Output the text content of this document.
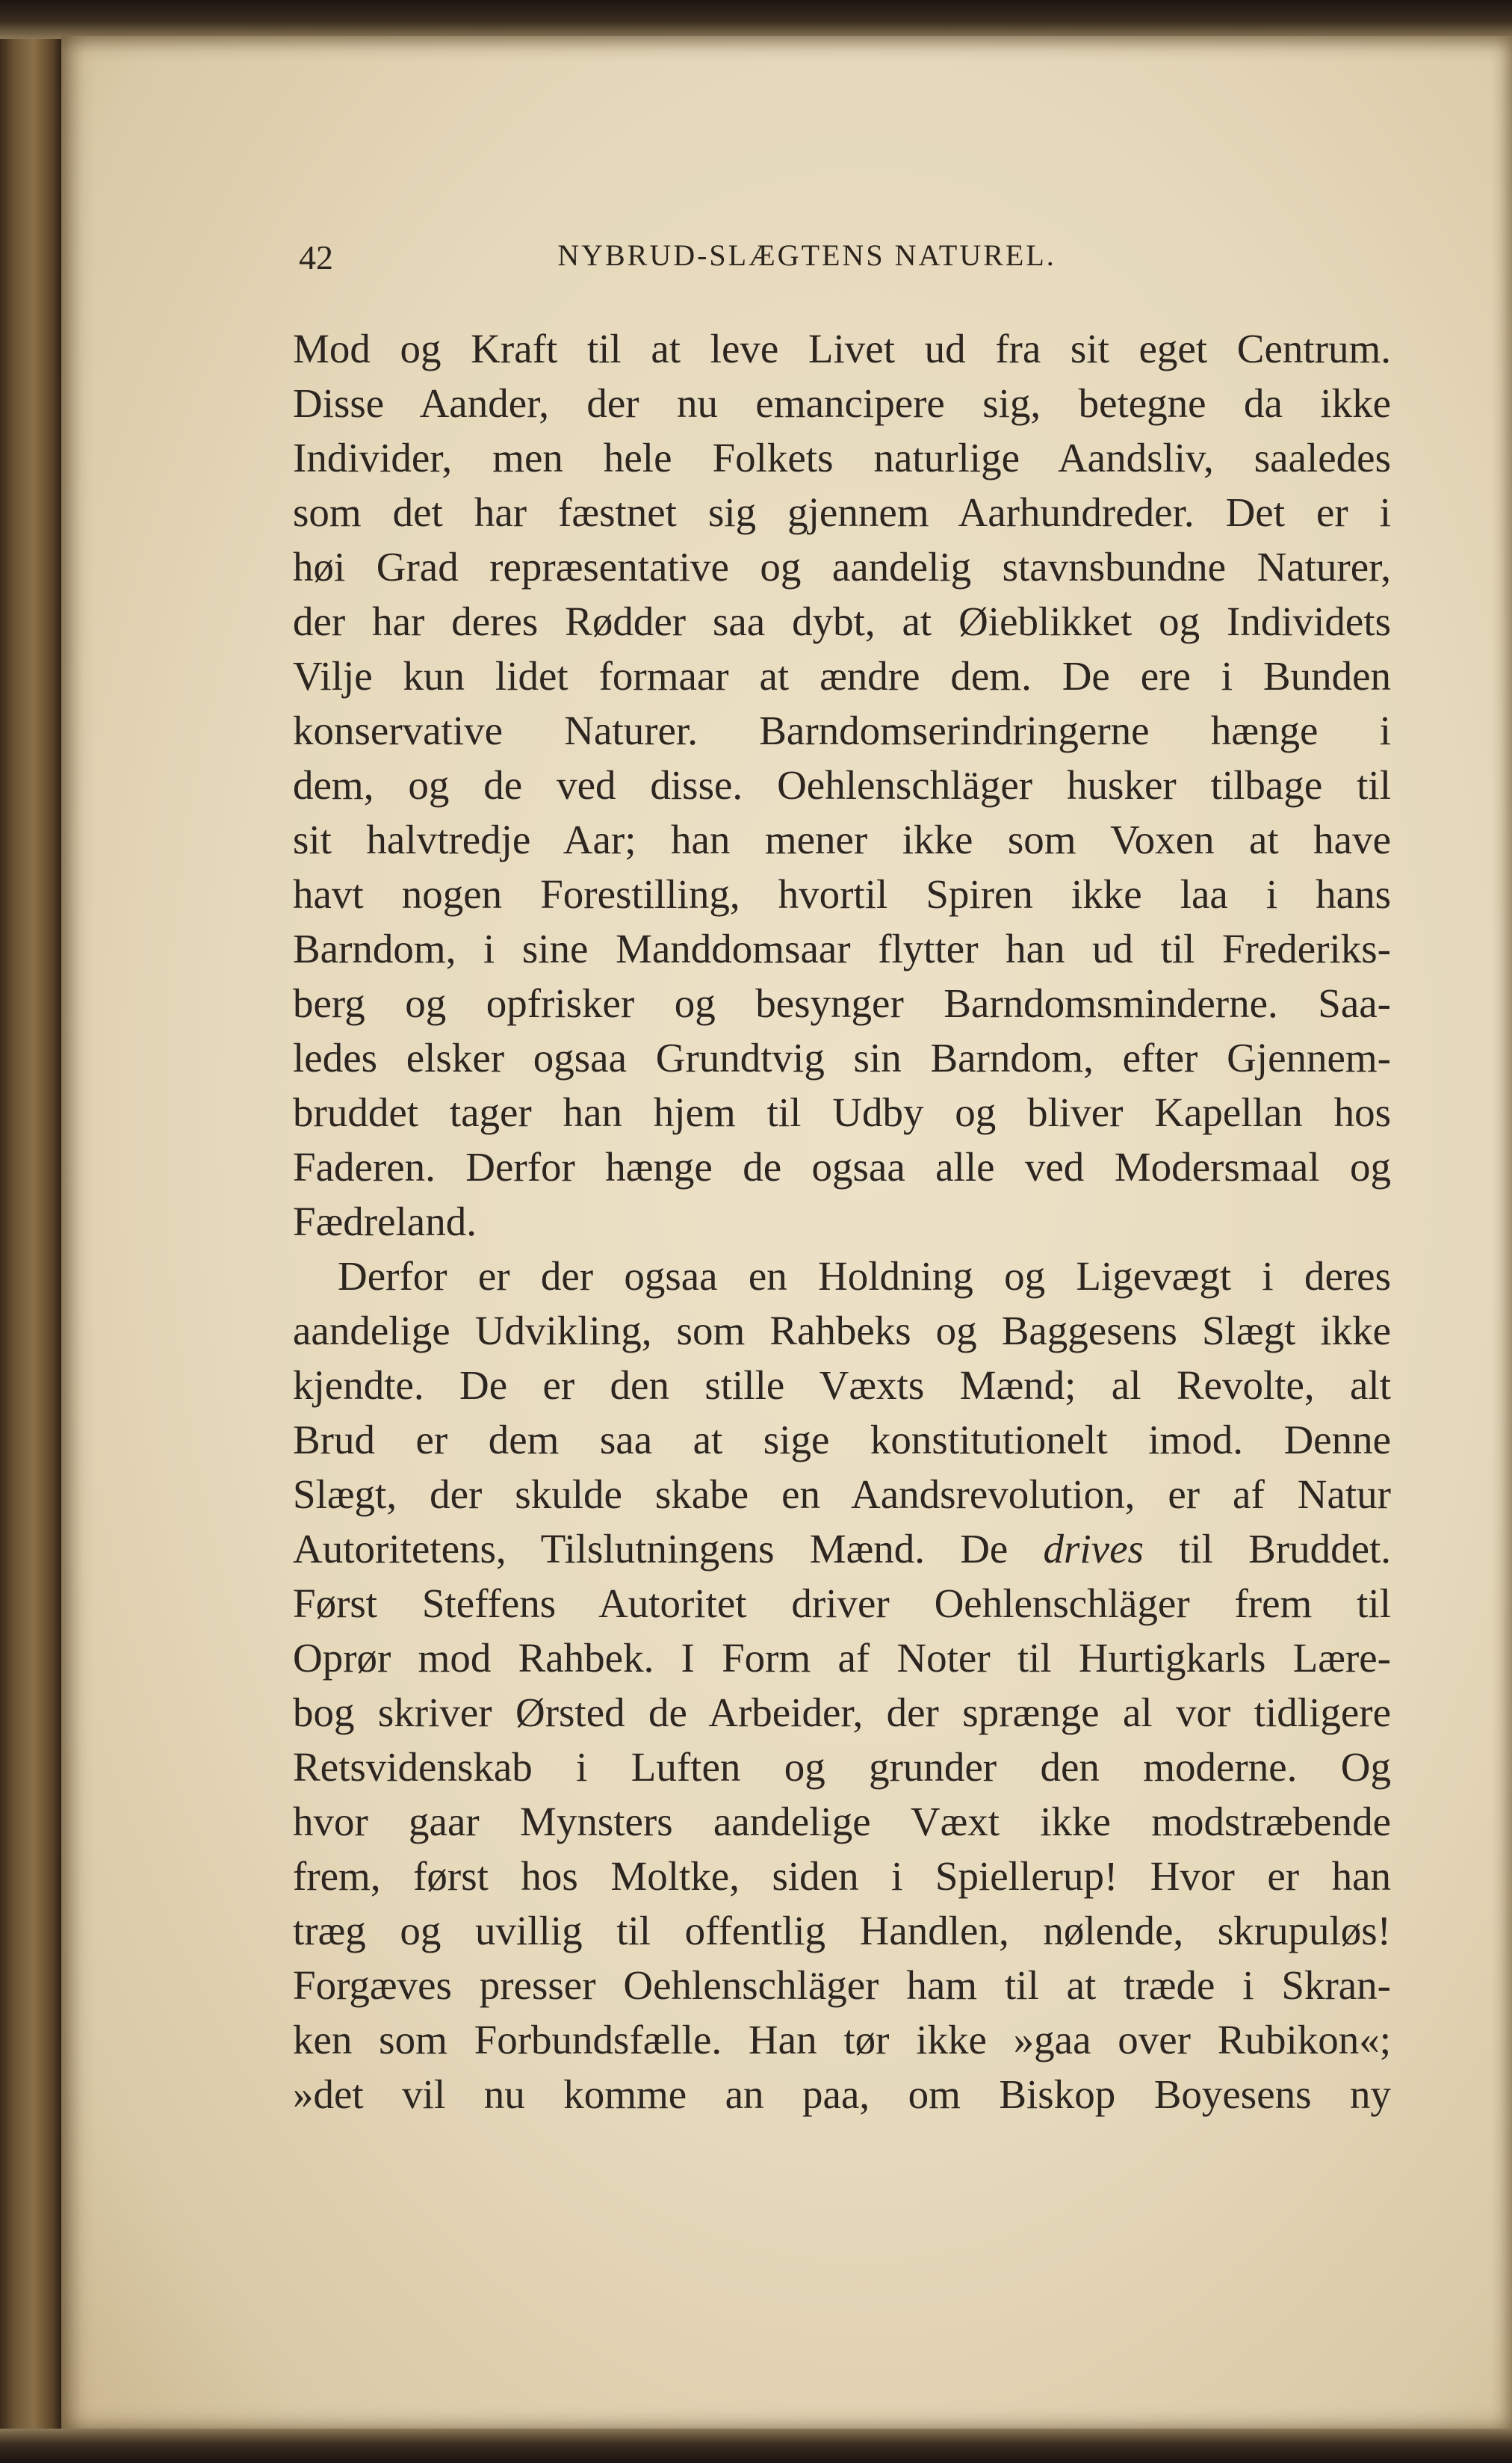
42	NYBRUD-SLÆGTENS NATUREL.
Mod og Kraft til at leve Livet ud fra sit eget Centrum.
Disse Aander, der nu emancipere sig, betegne da ikke
Individer, men hele Folkets naturlige Aandsliv, saaledes
som det har fæstnet sig gjennem Aarhundreder. Det er i
høi Grad repræsentative og aandelig stavnsbundne Naturer,
der har deres Rødder saa dybt, at Øieblikket og Individets
Vilje kun lidet formaar at ændre dem. De ere i Bunden
konservative Naturer. Barndomserindringerne hænge i
dem, og de ved disse. Oehlenschläger husker tilbage til
sit halvtredje Aar; han mener ikke som Voxen at have
havt nogen Forestilling, hvortil Spiren ikke laa i hans
Barndom, i sine Manddomsaar flytter han ud til Frederiks-
berg og opfrisker og besynger Barndomsminderne. Saa-
ledes elsker ogsaa Grundtvig sin Barndom, efter Gjennem-
bruddet tager han hjem til Udby og bliver Kapellan hos
Faderen. Derfor hænge de ogsaa alle ved Modersmaal og
Fædreland.
Derfor er der ogsaa en Holdning og Ligevægt i deres
aandelige Udvikling, som Rahbeks og Baggesens Slægt ikke
kjendte. De er den stille Væxts Mænd; al Revolte, alt
Brud er dem saa at sige konstitutionelt imod. Denne
Slægt, der skulde skabe en Aandsrevolution, er af Natur
Autoritetens, Tilslutningens Mænd. De drives til Bruddet.
Først Steffens Autoritet driver Oehlenschläger frem til
Oprør mod Rahbek. I Form af Noter til Hurtigkarls Lære-
bog skriver Ørsted de Arbeider, der sprænge al vor tidligere
Retsvidenskab i Luften og grunder den moderne. Og
hvor gaar Mynsters aandelige Væxt ikke modstræbende
frem, først hos Moltke, siden i Spiellerup! Hvor er han
træg og uvillig til offentlig Handlen, nølende, skrupuløs!
Forgæves presser Oehlenschläger ham til at træde i Skran-
ken som Forbundsfælle. Han tør ikke »gaa over Rubikon«;
»det vil nu komme an paa, om Biskop Boyesens ny
